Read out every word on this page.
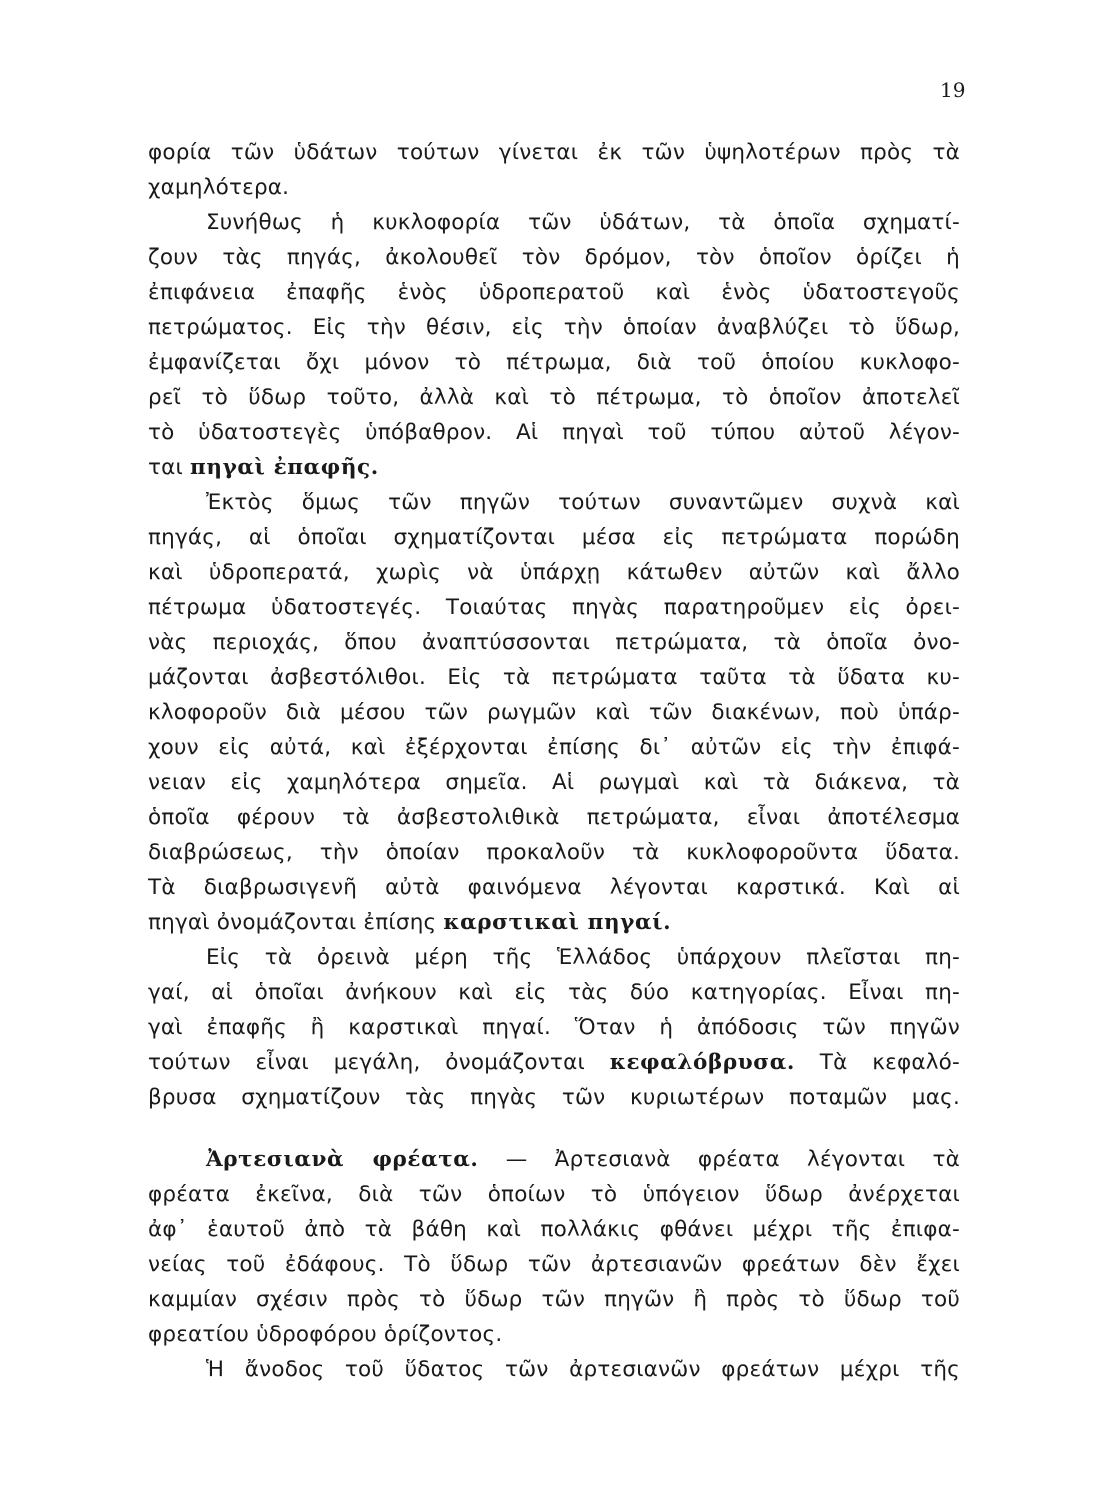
19
φορία τῶν ὑδάτων τούτων γίνεται ἐκ τῶν ὑψηλοτέρων πρὸς τὰ
χαμηλότερα.
Συνήθως ἡ κυκλοφορία τῶν ὑδάτων, τὰ ὁποῖα σχηματί-
ζουν τὰς πηγάς, ἀκολουθεῖ τὸν δρόμον, τὸν ὁποῖον ὁρίζει ἡ
ἐπιφάνεια ἐπαφῆς ἑνὸς ὑδροπερατοῦ καὶ ἑνὸς ὑδατοστεγοῦς
πετρώματος. Εἰς τὴν θέσιν, εἰς τὴν ὁποίαν ἀναβλύζει τὸ ὕδωρ,
ἐμφανίζεται ὄχι μόνον τὸ πέτρωμα, διὰ τοῦ ὁποίου κυκλοφο-
ρεῖ τὸ ὕδωρ τοῦτο, ἀλλὰ καὶ τὸ πέτρωμα, τὸ ὁποῖον ἀποτελεῖ
τὸ ὑδατοστεγὲς ὑπόβαθρον. Αἱ πηγαὶ τοῦ τύπου αὐτοῦ λέγον-
ται πηγαὶ ἐπαφῆς.
Ἐκτὸς ὅμως τῶν πηγῶν τούτων συναντῶμεν συχνὰ καὶ
πηγάς, αἱ ὁποῖαι σχηματίζονται μέσα εἰς πετρώματα πορώδη
καὶ ὑδροπερατά, χωρὶς νὰ ὑπάρχῃ κάτωθεν αὐτῶν καὶ ἄλλο
πέτρωμα ὑδατοστεγές. Τοιαύτας πηγὰς παρατηροῦμεν εἰς ὀρει-
νὰς περιοχάς, ὅπου ἀναπτύσσονται πετρώματα, τὰ ὁποῖα ὀνο-
μάζονται ἀσβεστόλιθοι. Εἰς τὰ πετρώματα ταῦτα τὰ ὕδατα κυ-
κλοφοροῦν διὰ μέσου τῶν ρωγμῶν καὶ τῶν διακένων, ποὺ ὑπάρ-
χουν εἰς αὐτά, καὶ ἐξέρχονται ἐπίσης δι᾽ αὐτῶν εἰς τὴν ἐπιφά-
νειαν εἰς χαμηλότερα σημεῖα. Αἱ ρωγμαὶ καὶ τὰ διάκενα, τὰ
ὁποῖα φέρουν τὰ ἀσβεστολιθικὰ πετρώματα, εἶναι ἀποτέλεσμα
διαβρώσεως, τὴν ὁποίαν προκαλοῦν τὰ κυκλοφοροῦντα ὕδατα.
Τὰ διαβρωσιγενῆ αὐτὰ φαινόμενα λέγονται καρστικά. Καὶ αἱ
πηγαὶ ὀνομάζονται ἐπίσης καρστικαὶ πηγαί.
Εἰς τὰ ὀρεινὰ μέρη τῆς Ἑλλάδος ὑπάρχουν πλεῖσται πη-
γαί, αἱ ὁποῖαι ἀνήκουν καὶ εἰς τὰς δύο κατηγορίας. Εἶναι πη-
γαὶ ἐπαφῆς ἢ καρστικαὶ πηγαί. Ὅταν ἡ ἀπόδοσις τῶν πηγῶν
τούτων εἶναι μεγάλη, ὀνομάζονται κεφαλόβρυσα. Τὰ κεφαλό-
βρυσα σχηματίζουν τὰς πηγὰς τῶν κυριωτέρων ποταμῶν μας.
Ἀρτεσιανὰ φρέατα. — Ἀρτεσιανὰ φρέατα λέγονται τὰ
φρέατα ἐκεῖνα, διὰ τῶν ὁποίων τὸ ὑπόγειον ὕδωρ ἀνέρχεται
ἀφ᾽ ἑαυτοῦ ἀπὸ τὰ βάθη καὶ πολλάκις φθάνει μέχρι τῆς ἐπιφα-
νείας τοῦ ἐδάφους. Τὸ ὕδωρ τῶν ἀρτεσιανῶν φρεάτων δὲν ἔχει
καμμίαν σχέσιν πρὸς τὸ ὕδωρ τῶν πηγῶν ἢ πρὸς τὸ ὕδωρ τοῦ
φρεατίου ὑδροφόρου ὁρίζοντος.
Ἡ ἄνοδος τοῦ ὕδατος τῶν ἀρτεσιανῶν φρεάτων μέχρι τῆς
